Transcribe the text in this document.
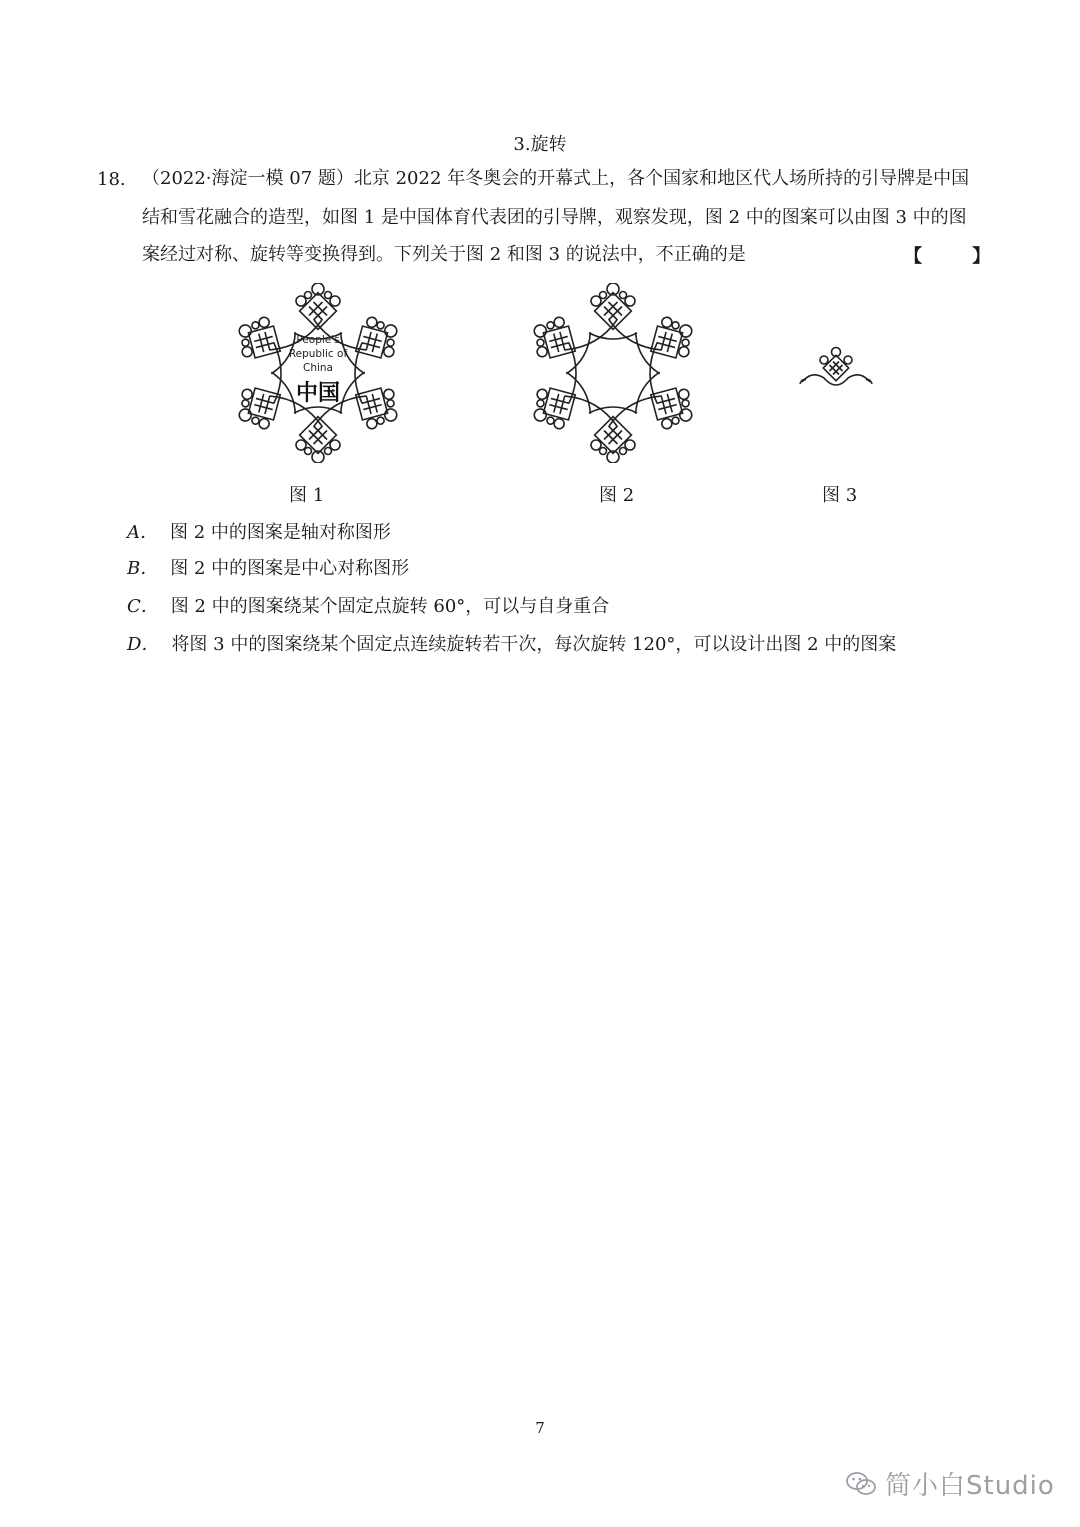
3.旋转
18. （2022·海淀一模 07 题）北京 2022 年冬奥会的开幕式上，各个国家和地区代人场所持的引导牌是中国
结和雪花融合的造型，如图 1 是中国体育代表团的引导牌，观察发现，图 2 中的图案可以由图 3 中的图
案经过对称、旋转等变换得到。下列关于图 2 和图 3 的说法中，不正确的是	【 】
People's
Republic of
China
中国
图 1	图 2	图 3
A． 图 2 中的图案是轴对称图形
B． 图 2 中的图案是中心对称图形
C． 图 2 中的图案绕某个固定点旋转 60°，可以与自身重合
D． 将图 3 中的图案绕某个固定点连续旋转若干次，每次旋转 120°，可以设计出图 2 中的图案
7
简小白Studio
